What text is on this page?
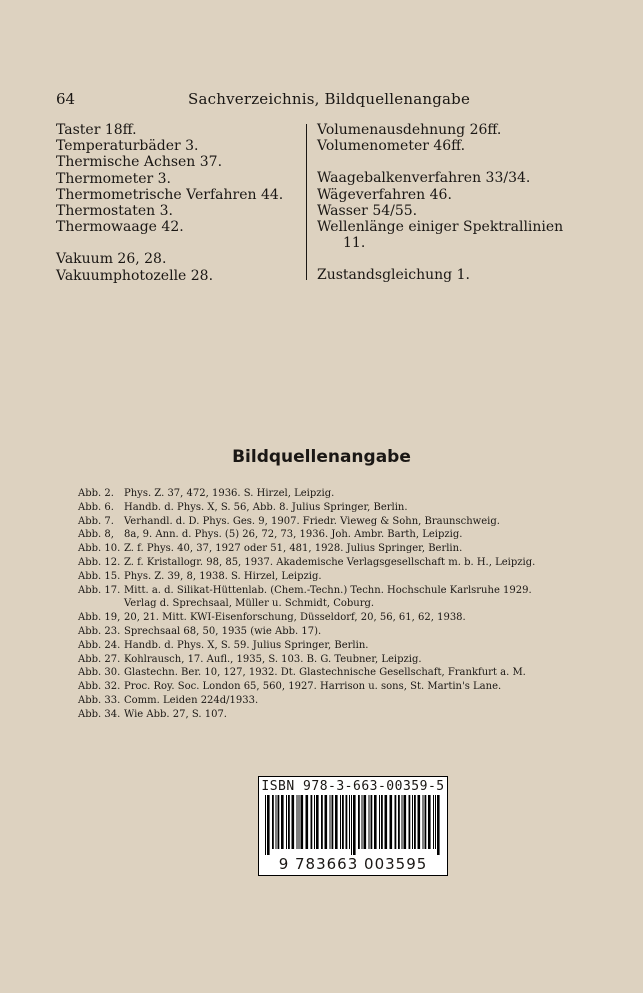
64	Sachverzeichnis, Bildquellenangabe
Taster 18ff.
Temperaturbäder 3.
Thermische Achsen 37.
Thermometer 3.
Thermometrische Verfahren 44.
Thermostaten 3.
Thermowaage 42.
Vakuum 26, 28.
Vakuumphotozelle 28.
Volumenausdehnung 26ff.
Volumenometer 46ff.
Waagebalkenverfahren 33/34.
Wägeverfahren 46.
Wasser 54/55.
Wellenlänge einiger Spektrallinien
11.
Zustandsgleichung 1.
Bildquellenangabe
Abb. 2.	Phys. Z. 37, 472, 1936. S. Hirzel, Leipzig.
Abb. 6.	Handb. d. Phys. X, S. 56, Abb. 8. Julius Springer, Berlin.
Abb. 7.	Verhandl. d. D. Phys. Ges. 9, 1907. Friedr. Vieweg & Sohn, Braunschweig.
Abb. 8,	8a, 9. Ann. d. Phys. (5) 26, 72, 73, 1936. Joh. Ambr. Barth, Leipzig.
Abb. 10. Z. f. Phys. 40, 37, 1927 oder 51, 481, 1928. Julius Springer, Berlin.
Abb. 12. Z. f. Kristallogr. 98, 85, 1937. Akademische Verlagsgesellschaft m. b. H., Leipzig.
Abb. 15. Phys. Z. 39, 8, 1938. S. Hirzel, Leipzig.
Abb. 17. Mitt. a. d. Silikat-Hüttenlab. (Chem.-Techn.) Techn. Hochschule Karlsruhe 1929.
Verlag d. Sprechsaal, Müller u. Schmidt, Coburg.
Abb. 19, 20, 21. Mitt. KWI-Eisenforschung, Düsseldorf, 20, 56, 61, 62, 1938.
Abb. 23. Sprechsaal 68, 50, 1935 (wie Abb. 17).
Abb. 24. Handb. d. Phys. X, S. 59. Julius Springer, Berlin.
Abb. 27. Kohlrausch, 17. Aufl., 1935, S. 103. B. G. Teubner, Leipzig.
Abb. 30. Glastechn. Ber. 10, 127, 1932. Dt. Glastechnische Gesellschaft, Frankfurt a. M.
Abb. 32. Proc. Roy. Soc. London 65, 560, 1927. Harrison u. sons, St. Martin's Lane.
Abb. 33. Comm. Leiden 224d/1933.
Abb. 34. Wie Abb. 27, S. 107.
ISBN 978-3-663-00359-5
9 783663 003595
